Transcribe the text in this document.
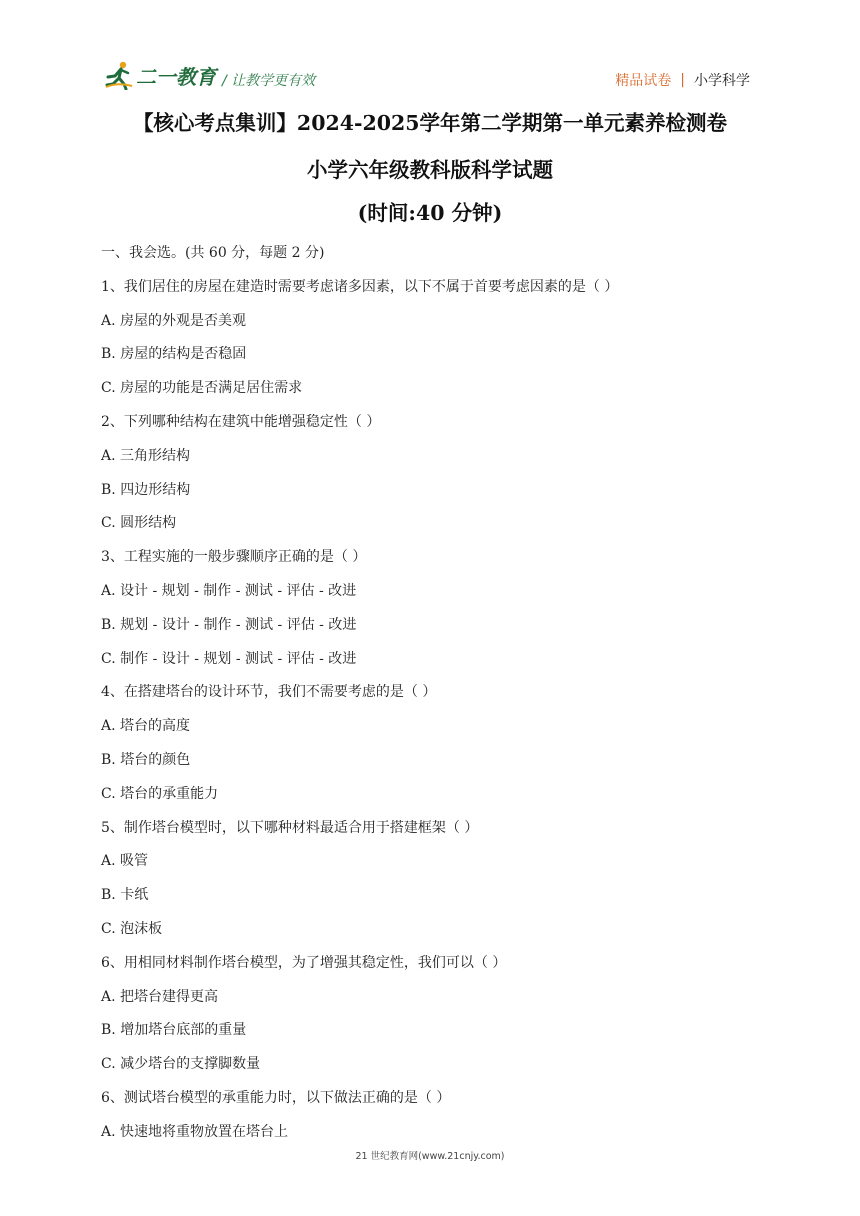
二一教育 / 让教学更有效	精品试卷 | 小学科学
【核心考点集训】2024-2025学年第二学期第一单元素养检测卷
小学六年级教科版科学试题
(时间:40 分钟)
一、我会选。(共 60 分，每题 2 分)
1、我们居住的房屋在建造时需要考虑诸多因素，以下不属于首要考虑因素的是（ ）
A. 房屋的外观是否美观
B. 房屋的结构是否稳固
C. 房屋的功能是否满足居住需求
2、下列哪种结构在建筑中能增强稳定性（ ）
A. 三角形结构
B. 四边形结构
C. 圆形结构
3、工程实施的一般步骤顺序正确的是（ ）
A. 设计 - 规划 - 制作 - 测试 - 评估 - 改进
B. 规划 - 设计 - 制作 - 测试 - 评估 - 改进
C. 制作 - 设计 - 规划 - 测试 - 评估 - 改进
4、在搭建塔台的设计环节，我们不需要考虑的是（ ）
A. 塔台的高度
B. 塔台的颜色
C. 塔台的承重能力
5、制作塔台模型时，以下哪种材料最适合用于搭建框架（ ）
A. 吸管
B. 卡纸
C. 泡沫板
6、用相同材料制作塔台模型，为了增强其稳定性，我们可以（ ）
A. 把塔台建得更高
B. 增加塔台底部的重量
C. 减少塔台的支撑脚数量
6、测试塔台模型的承重能力时，以下做法正确的是（ ）
A. 快速地将重物放置在塔台上
21 世纪教育网(www.21cnjy.com)
